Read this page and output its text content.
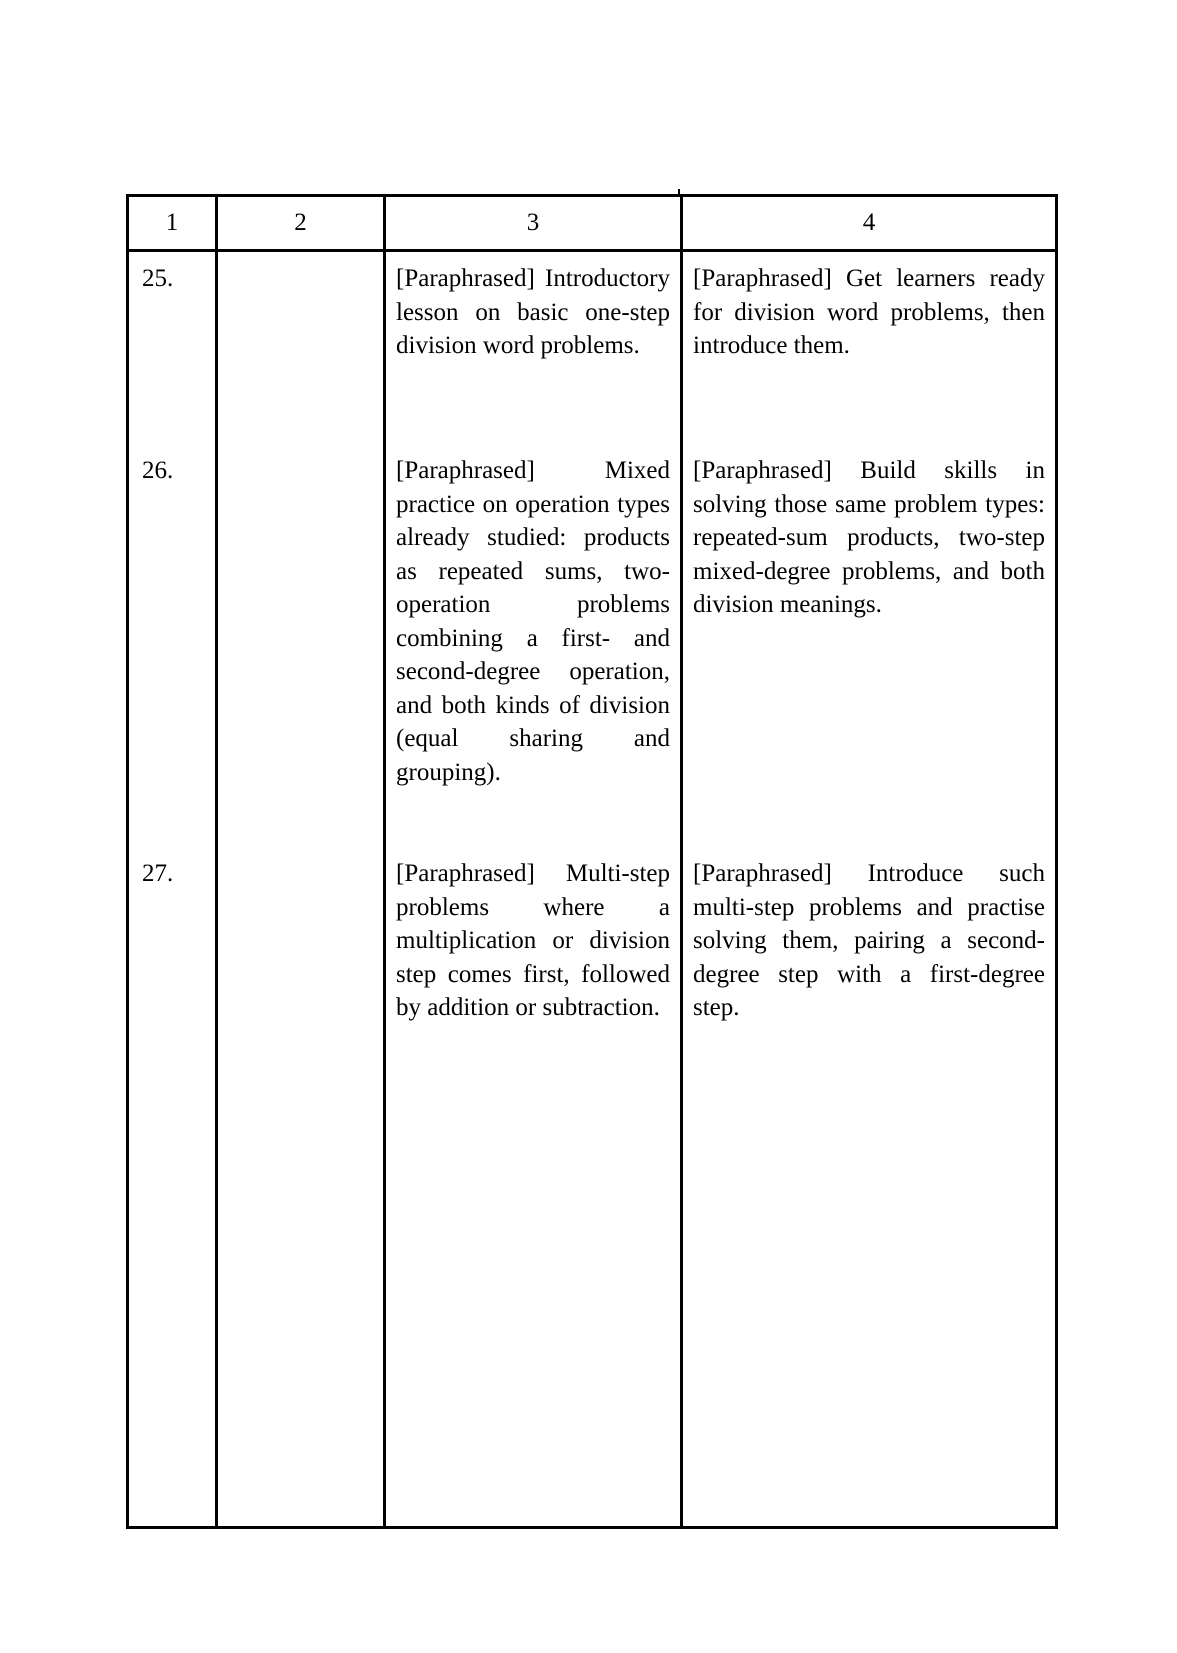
1	2	3	4

25.		[Paraphrased] Introductory lesson on basic one-step division word problems.	[Paraphrased] Get learners ready for division word problems, then introduce them.

26.		[Paraphrased] Mixed practice on operation types already studied: products as repeated sums, two-operation problems combining a first- and second-degree operation, and both kinds of division (equal sharing and grouping).	[Paraphrased] Build skills in solving those same problem types: repeated-sum products, two-step mixed-degree problems, and both division meanings.

27.		[Paraphrased] Multi-step problems where a multiplication or division step comes first, followed by addition or subtraction.	[Paraphrased] Introduce such multi-step problems and practise solving them, pairing a second-degree step with a first-degree step.
